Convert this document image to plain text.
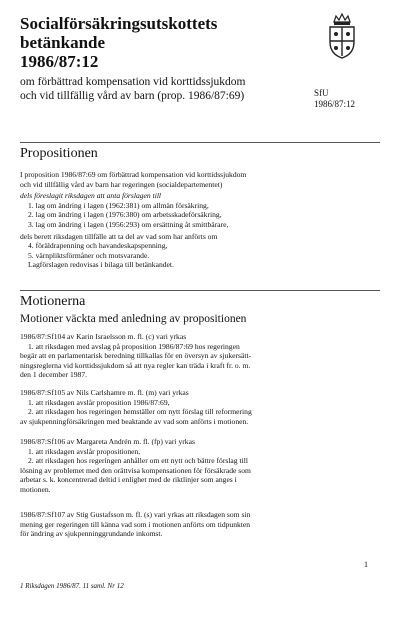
Socialförsäkringsutskottets
betänkande
1986/87:12
om förbättrad kompensation vid korttidssjukdom
och vid tillfällig vård av barn (prop. 1986/87:69)	SfU
1986/87:12
Propositionen
I proposition 1986/87:69 om förbättrad kompensation vid korttidssjukdom
och vid tillfällig vård av barn har regeringen (socialdepartementet)
dels föreslagit riksdagen att anta förslagen till
1. lag om ändring i lagen (1962:381) om allmän försäkring,
2. lag om ändring i lagen (1976:380) om arbetsskadeförsäkring,
3. lag om ändring i lagen (1956:293) om ersättning åt smittbärare,
dels berett riksdagen tillfälle att ta del av vad som har anförts om
4. föräldrapenning och havandeskapspenning,
5. värnpliktsförmåner och motsvarande.
Lagförslagen redovisas i bilaga till betänkandet.
Motionerna
Motioner väckta med anledning av propositionen
1986/87:Sf104 av Karin Israelsson m. fl. (c) vari yrkas
1. att riksdagen med avslag på proposition 1986/87:69 hos regeringen
begär att en parlamentarisk beredning tillkallas för en översyn av sjukersätt-
ningsreglerna vid korttidssjukdom så att nya regler kan träda i kraft fr. o. m.
den 1 december 1987.
1986/87:Sf105 av Nils Carlshamre m. fl. (m) vari yrkas
1. att riksdagen avslår proposition 1986/87:69,
2. att riksdagen hos regeringen hemställer om nytt förslag till reformering
av sjukpenningförsäkringen med beaktande av vad som anförts i motionen.
1986/87:Sf106 av Margareta Andrén m. fl. (fp) vari yrkas
1. att riksdagen avslår propositionen,
2. att riksdagen hos regeringen anhåller om ett nytt och bättre förslag till
lösning av problemet med den orättvisa kompensationen för försäkrade som
arbetar s. k. koncentrerad deltid i enlighet med de riktlinjer som anges i
motionen.
1986/87:Sf107 av Stig Gustafsson m. fl. (s) vari yrkas att riksdagen som sin
mening ger regeringen till känna vad som i motionen anförts om tidpunkten
för ändring av sjukpenninggrundande inkomst.
1
1 Riksdagen 1986/87. 11 saml. Nr 12
